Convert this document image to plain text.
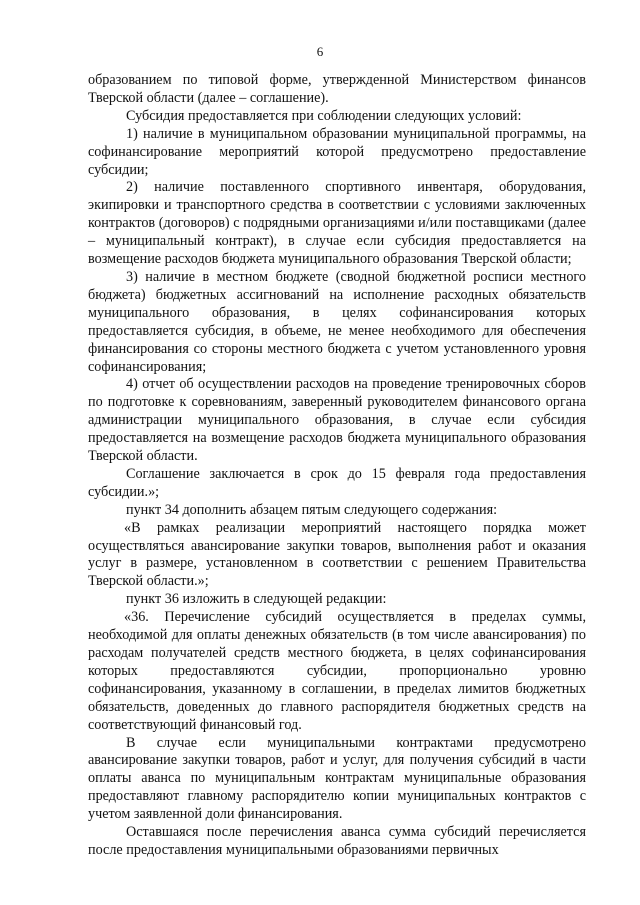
6

образованием по типовой форме, утвержденной Министерством финансов Тверской области (далее – соглашение).

Субсидия предоставляется при соблюдении следующих условий:

1) наличие в муниципальном образовании муниципальной программы, на софинансирование мероприятий которой предусмотрено предоставление субсидии;

2) наличие поставленного спортивного инвентаря, оборудования, экипировки и транспортного средства в соответствии с условиями заключенных контрактов (договоров) с подрядными организациями и/или поставщиками (далее – муниципальный контракт), в случае если субсидия предоставляется на возмещение расходов бюджета муниципального образования Тверской области;

3) наличие в местном бюджете (сводной бюджетной росписи местного бюджета) бюджетных ассигнований на исполнение расходных обязательств муниципального образования, в целях софинансирования которых предоставляется субсидия, в объеме, не менее необходимого для обеспечения финансирования со стороны местного бюджета с учетом установленного уровня софинансирования;

4) отчет об осуществлении расходов на проведение тренировочных сборов по подготовке к соревнованиям, заверенный руководителем финансового органа администрации муниципального образования, в случае если субсидия предоставляется на возмещение расходов бюджета муниципального образования Тверской области.

Соглашение заключается в срок до 15 февраля года предоставления субсидии.»;

пункт 34 дополнить абзацем пятым следующего содержания:

«В рамках реализации мероприятий настоящего порядка может осуществляться авансирование закупки товаров, выполнения работ и оказания услуг в размере, установленном в соответствии с решением Правительства Тверской области.»;

пункт 36 изложить в следующей редакции:

«36. Перечисление субсидий осуществляется в пределах суммы, необходимой для оплаты денежных обязательств (в том числе авансирования) по расходам получателей средств местного бюджета, в целях софинансирования которых предоставляются субсидии, пропорционально уровню софинансирования, указанному в соглашении, в пределах лимитов бюджетных обязательств, доведенных до главного распорядителя бюджетных средств на соответствующий финансовый год.

В случае если муниципальными контрактами предусмотрено авансирование закупки товаров, работ и услуг, для получения субсидий в части оплаты аванса по муниципальным контрактам муниципальные образования предоставляют главному распорядителю копии муниципальных контрактов с учетом заявленной доли финансирования.

Оставшаяся после перечисления аванса сумма субсидий перечисляется после предоставления муниципальными образованиями первичных
